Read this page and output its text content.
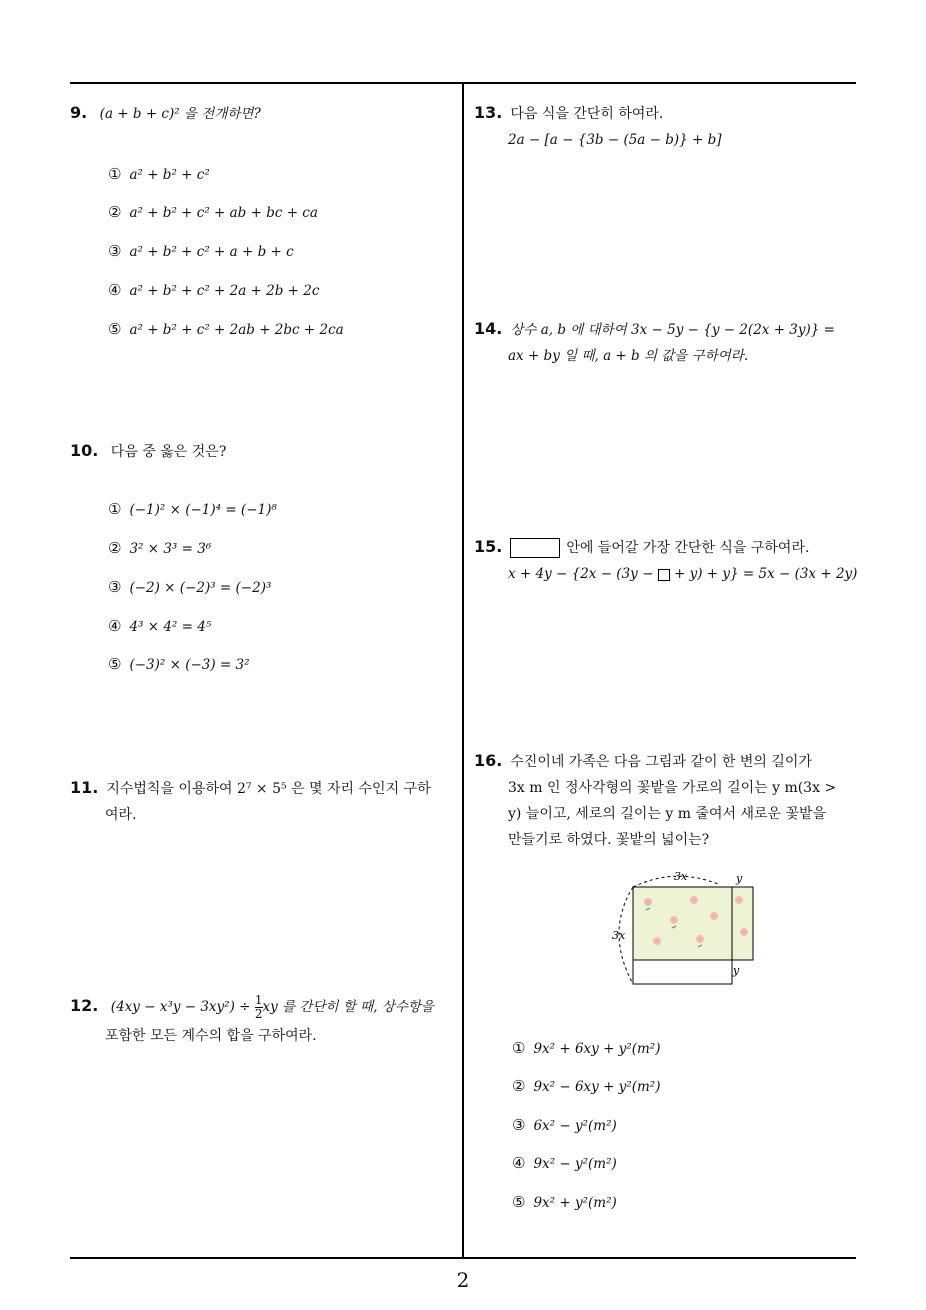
9. (a + b + c)² 을 전개하면?
① a² + b² + c²
② a² + b² + c² + ab + bc + ca
③ a² + b² + c² + a + b + c
④ a² + b² + c² + 2a + 2b + 2c
⑤ a² + b² + c² + 2ab + 2bc + 2ca
10. 다음 중 옳은 것은?
① (−1)² × (−1)⁴ = (−1)⁸
② 3² × 3³ = 3⁶
③ (−2) × (−2)³ = (−2)³
④ 4³ × 4² = 4⁵
⑤ (−3)² × (−3) = 3²
11. 지수법칙을 이용하여 2⁷ × 5⁵ 은 몇 자리 수인지 구하
여라.
12. $(4xy - x^3y - 3xy^2) \div \frac{1}{2}$ xy 를 간단히 할 때, 상수항을
포함한 모든 계수의 합을 구하여라.
13. 다음 식을 간단히 하여라.
2a − [a − {3b − (5a − b)} + b]
14. 상수 a, b 에 대하여 3x − 5y − {y − 2(2x + 3y)} =
ax + by 일 때, a + b 의 값을 구하여라.
15.	안에 들어갈 가장 간단한 식을 구하여라.
x + 4y − {2x − (3y − + y) + y} = 5x − (3x + 2y)
16. 수진이네 가족은 다음 그림과 같이 한 변의 길이가
3x m 인 정사각형의 꽃밭을 가로의 길이는 y m(3x >
y) 늘이고, 세로의 길이는 y m 줄여서 새로운 꽃밭을
만들기로 하였다. 꽃밭의 넓이는?
3x
3x
y
y
① 9x² + 6xy + y²(m²)
② 9x² − 6xy + y²(m²)
③ 6x² − y²(m²)
④ 9x² − y²(m²)
⑤ 9x² + y²(m²)
2
